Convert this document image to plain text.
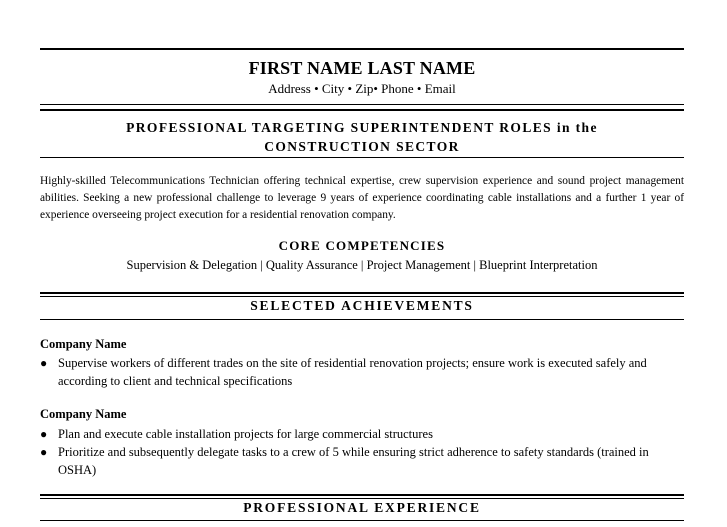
FIRST NAME LAST NAME
Address • City • Zip• Phone • Email
PROFESSIONAL TARGETING SUPERINTENDENT ROLES in the
CONSTRUCTION SECTOR
Highly-skilled Telecommunications Technician offering technical expertise, crew supervision experience and sound project management abilities. Seeking a new professional challenge to leverage 9 years of experience coordinating cable installations and a further 1 year of experience overseeing project execution for a residential renovation company.
CORE COMPETENCIES
Supervision & Delegation | Quality Assurance | Project Management | Blueprint Interpretation
SELECTED ACHIEVEMENTS
Company Name
● Supervise workers of different trades on the site of residential renovation projects; ensure work is executed safely and according to client and technical specifications
Company Name
● Plan and execute cable installation projects for large commercial structures
● Prioritize and subsequently delegate tasks to a crew of 5 while ensuring strict adherence to safety standards (trained in OSHA)
PROFESSIONAL EXPERIENCE
